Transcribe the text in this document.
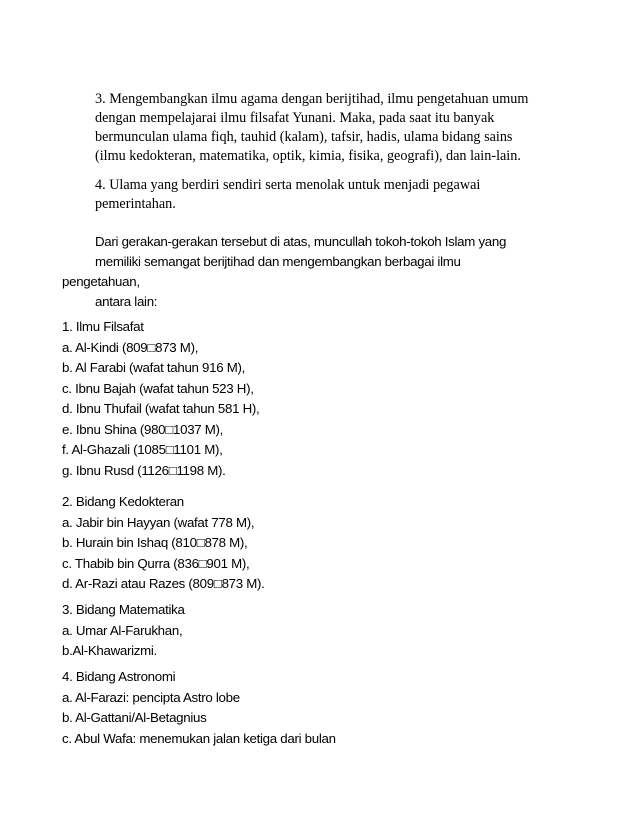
3. Mengembangkan ilmu agama dengan berijtihad, ilmu pengetahuan umum
dengan mempelajarai ilmu filsafat Yunani. Maka, pada saat itu banyak
bermunculan ulama fiqh, tauhid (kalam), tafsir, hadis, ulama bidang sains
(ilmu kedokteran, matematika, optik, kimia, fisika, geografi), dan lain-lain.
4. Ulama yang berdiri sendiri serta menolak untuk menjadi pegawai
pemerintahan.
Dari gerakan-gerakan tersebut di atas, muncullah tokoh-tokoh Islam yang
memiliki semangat berijtihad dan mengembangkan berbagai ilmu
pengetahuan,
antara lain:
1. Ilmu Filsafat
a. Al-Kindi (809□873 M),
b. Al Farabi (wafat tahun 916 M),
c. Ibnu Bajah (wafat tahun 523 H),
d. Ibnu Thufail (wafat tahun 581 H),
e. Ibnu Shina (980□1037 M),
f. Al-Ghazali (1085□1101 M),
g. Ibnu Rusd (1126□1198 M).
2. Bidang Kedokteran
a. Jabir bin Hayyan (wafat 778 M),
b. Hurain bin Ishaq (810□878 M),
c. Thabib bin Qurra (836□901 M),
d. Ar-Razi atau Razes (809□873 M).
3. Bidang Matematika
a. Umar Al-Farukhan,
b.Al-Khawarizmi.
4. Bidang Astronomi
a. Al-Farazi: pencipta Astro lobe
b. Al-Gattani/Al-Betagnius
c. Abul Wafa: menemukan jalan ketiga dari bulan
